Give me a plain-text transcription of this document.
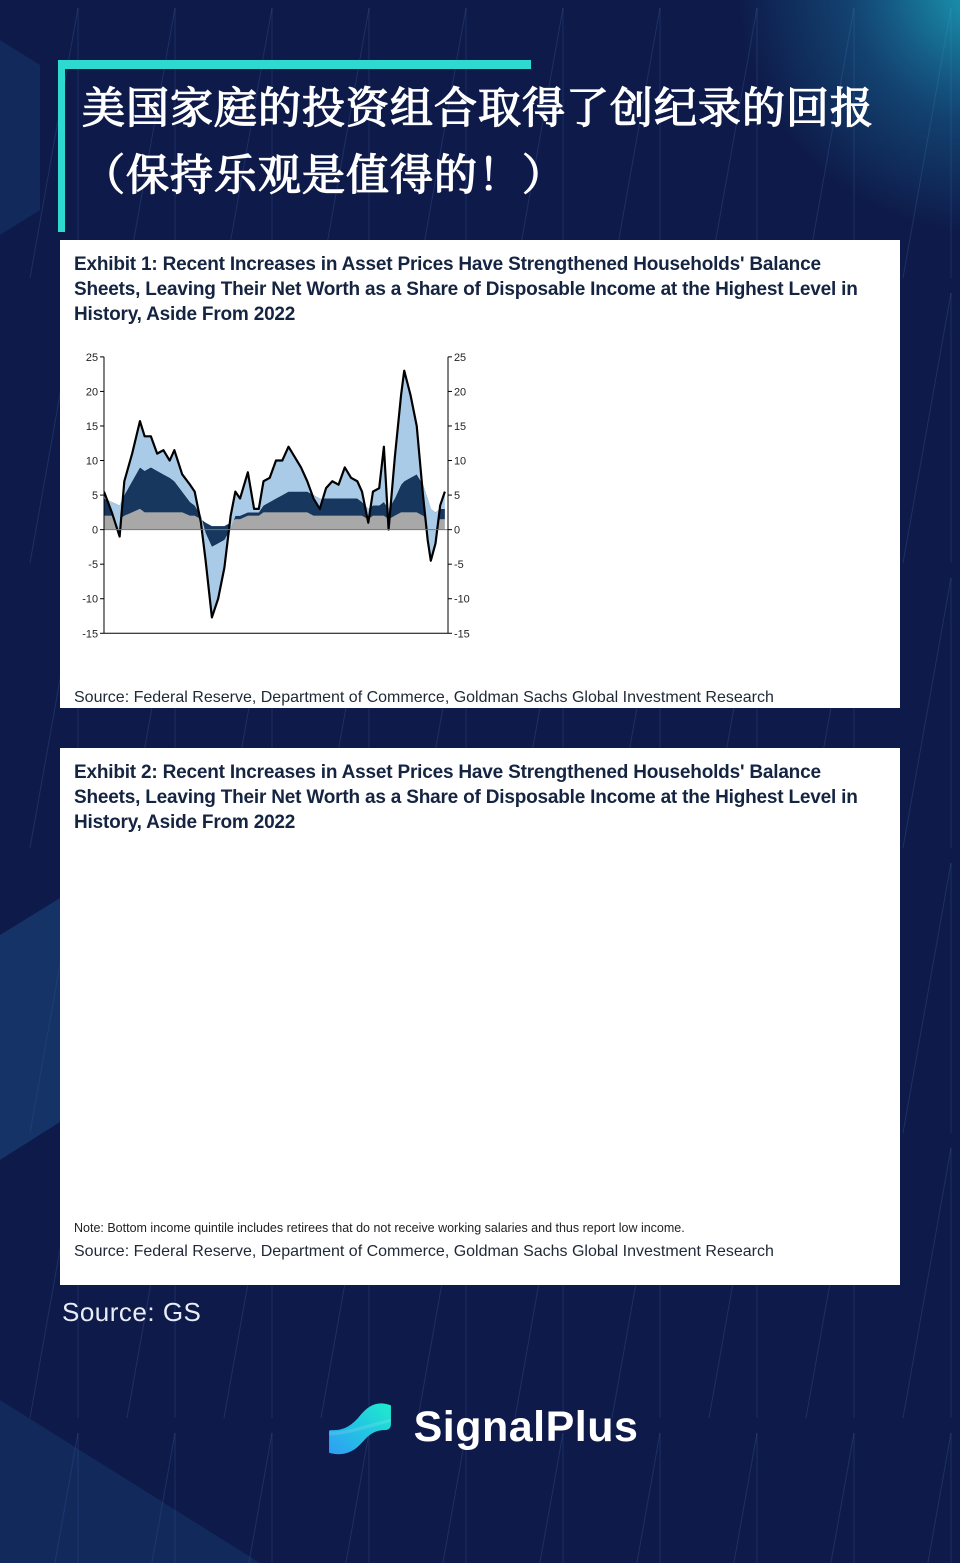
美国家庭的投资组合取得了创纪录的回报（保持乐观是值得的！）
Exhibit 1: Recent Increases in Asset Prices Have Strengthened Households' Balance Sheets, Leaving Their Net Worth as a Share of Disposable Income at the Highest Level in History, Aside From 2022
-15	-15
-10	-10
-5	-5
0	0
5	5
10	10
15	15
20	20
25	25
Source: Federal Reserve, Department of Commerce, Goldman Sachs Global Investment Research
Exhibit 2: Recent Increases in Asset Prices Have Strengthened Households' Balance Sheets, Leaving Their Net Worth as a Share of Disposable Income at the Highest Level in History, Aside From 2022
Note: Bottom income quintile includes retirees that do not receive working salaries and thus report low income.
Source: Federal Reserve, Department of Commerce, Goldman Sachs Global Investment Research
Source: GS
SignalPlus
